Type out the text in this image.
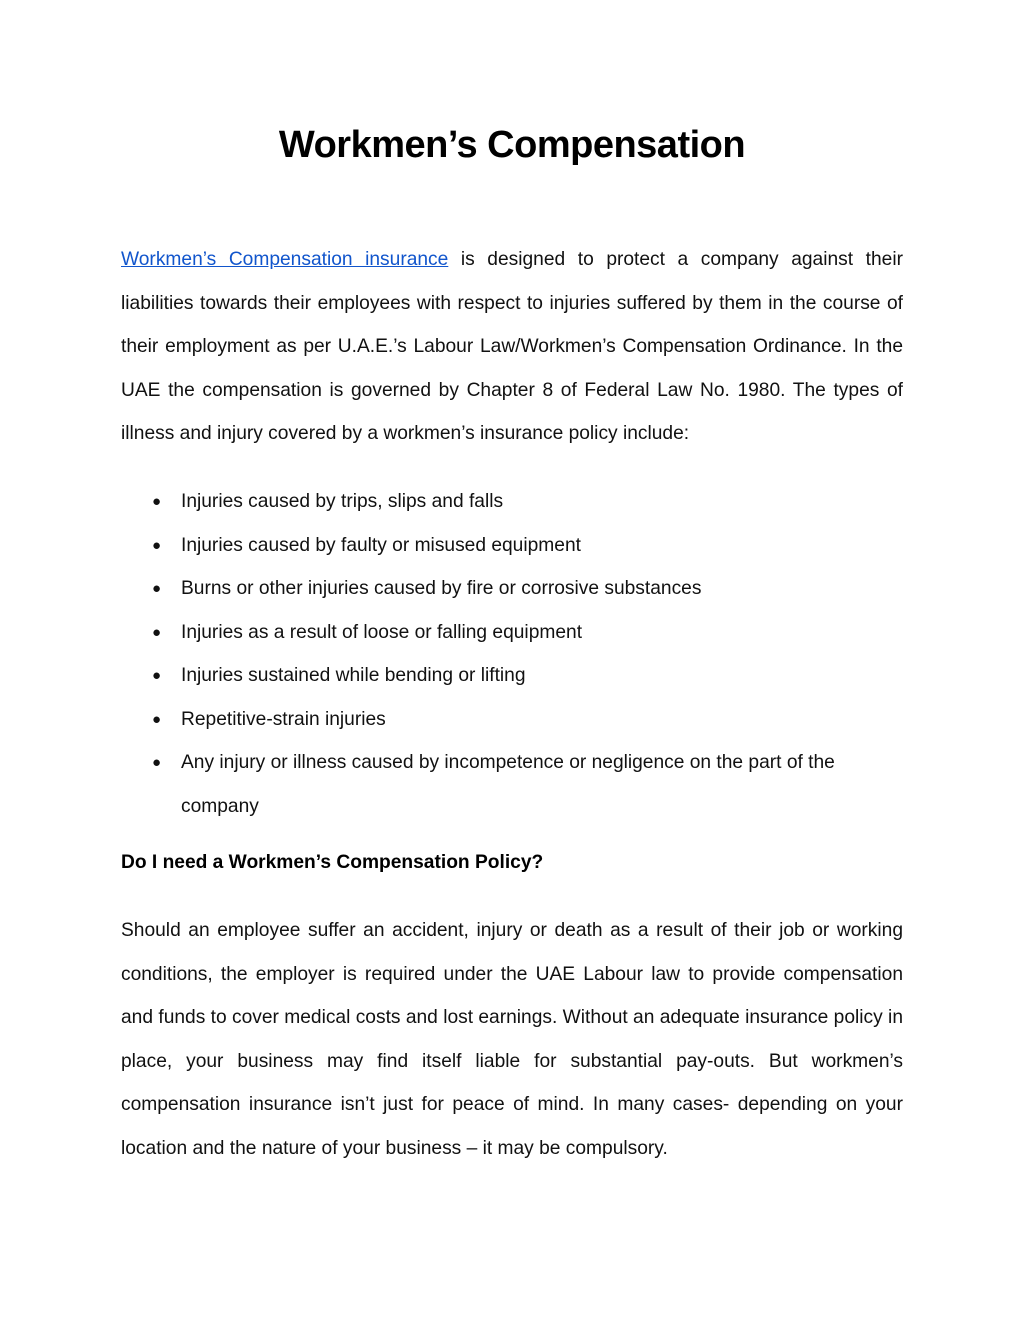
Workmen’s Compensation

Workmen’s Compensation insurance is designed to protect a company against their liabilities towards their employees with respect to injuries suffered by them in the course of their employment as per U.A.E.’s Labour Law/Workmen’s Compensation Ordinance. In the UAE the compensation is governed by Chapter 8 of Federal Law No. 1980. The types of illness and injury covered by a workmen’s insurance policy include:

● Injuries caused by trips, slips and falls
● Injuries caused by faulty or misused equipment
● Burns or other injuries caused by fire or corrosive substances
● Injuries as a result of loose or falling equipment
● Injuries sustained while bending or lifting
● Repetitive-strain injuries
● Any injury or illness caused by incompetence or negligence on the part of the company
Do I need a Workmen’s Compensation Policy?

Should an employee suffer an accident, injury or death as a result of their job or working conditions, the employer is required under the UAE Labour law to provide compensation and funds to cover medical costs and lost earnings. Without an adequate insurance policy in place, your business may find itself liable for substantial pay-outs. But workmen’s compensation insurance isn’t just for peace of mind. In many cases- depending on your location and the nature of your business – it may be compulsory.
